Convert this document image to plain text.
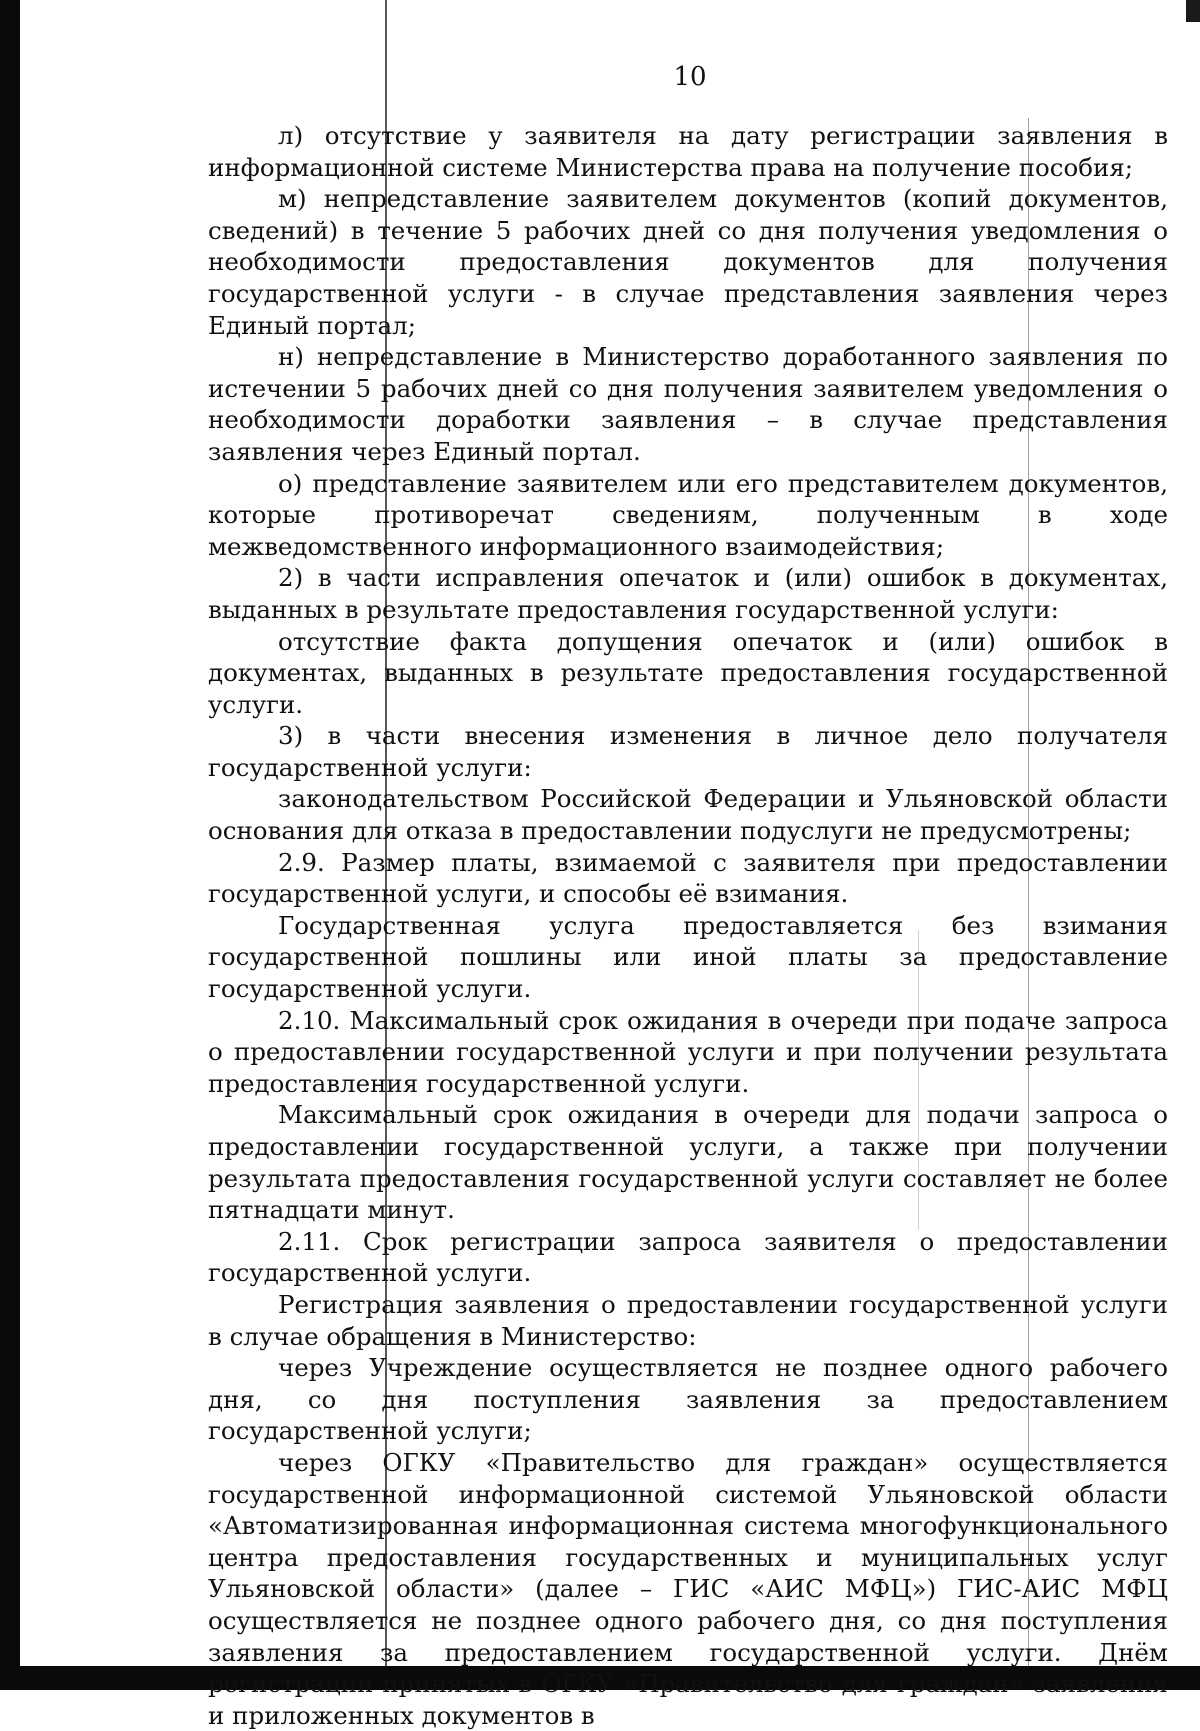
10

л) отсутствие у заявителя на дату регистрации заявления в информационной системе Министерства права на получение пособия;

м) непредставление заявителем документов (копий документов, сведений) в течение 5 рабочих дней со дня получения уведомления о необходимости предоставления документов для получения государственной услуги - в случае представления заявления через Единый портал;

н) непредставление в Министерство доработанного заявления по истечении 5 рабочих дней со дня получения заявителем уведомления о необходимости доработки заявления – в случае представления заявления через Единый портал.

о) представление заявителем или его представителем документов, которые противоречат сведениям, полученным в ходе межведомственного информационного взаимодействия;

2) в части исправления опечаток и (или) ошибок в документах, выданных в результате предоставления государственной услуги:

отсутствие факта допущения опечаток и (или) ошибок в документах, выданных в результате предоставления государственной услуги.

3) в части внесения изменения в личное дело получателя государственной услуги:

законодательством Российской Федерации и Ульяновской области основания для отказа в предоставлении подуслуги не предусмотрены;

2.9. Размер платы, взимаемой с заявителя при предоставлении государственной услуги, и способы её взимания.

Государственная услуга предоставляется без взимания государственной пошлины или иной платы за предоставление государственной услуги.

2.10. Максимальный срок ожидания в очереди при подаче запроса о предоставлении государственной услуги и при получении результата предоставления государственной услуги.

Максимальный срок ожидания в очереди для подачи запроса о предоставлении государственной услуги, а также при получении результата предоставления государственной услуги составляет не более пятнадцати минут.

2.11. Срок регистрации запроса заявителя о предоставлении государственной услуги.

Регистрация заявления о предоставлении государственной услуги в случае обращения в Министерство:

через Учреждение осуществляется не позднее одного рабочего дня, со дня поступления заявления за предоставлением государственной услуги;

через ОГКУ «Правительство для граждан» осуществляется государственной информационной системой Ульяновской области «Автоматизированная информационная система многофункционального центра предоставления государственных и муниципальных услуг Ульяновской области» (далее – ГИС «АИС МФЦ») ГИС-АИС МФЦ осуществляется не позднее одного рабочего дня, со дня поступления заявления за предоставлением государственной услуги. Днём регистрации принятых в ОГКУ «Правительство для граждан» заявления и приложенных документов в
